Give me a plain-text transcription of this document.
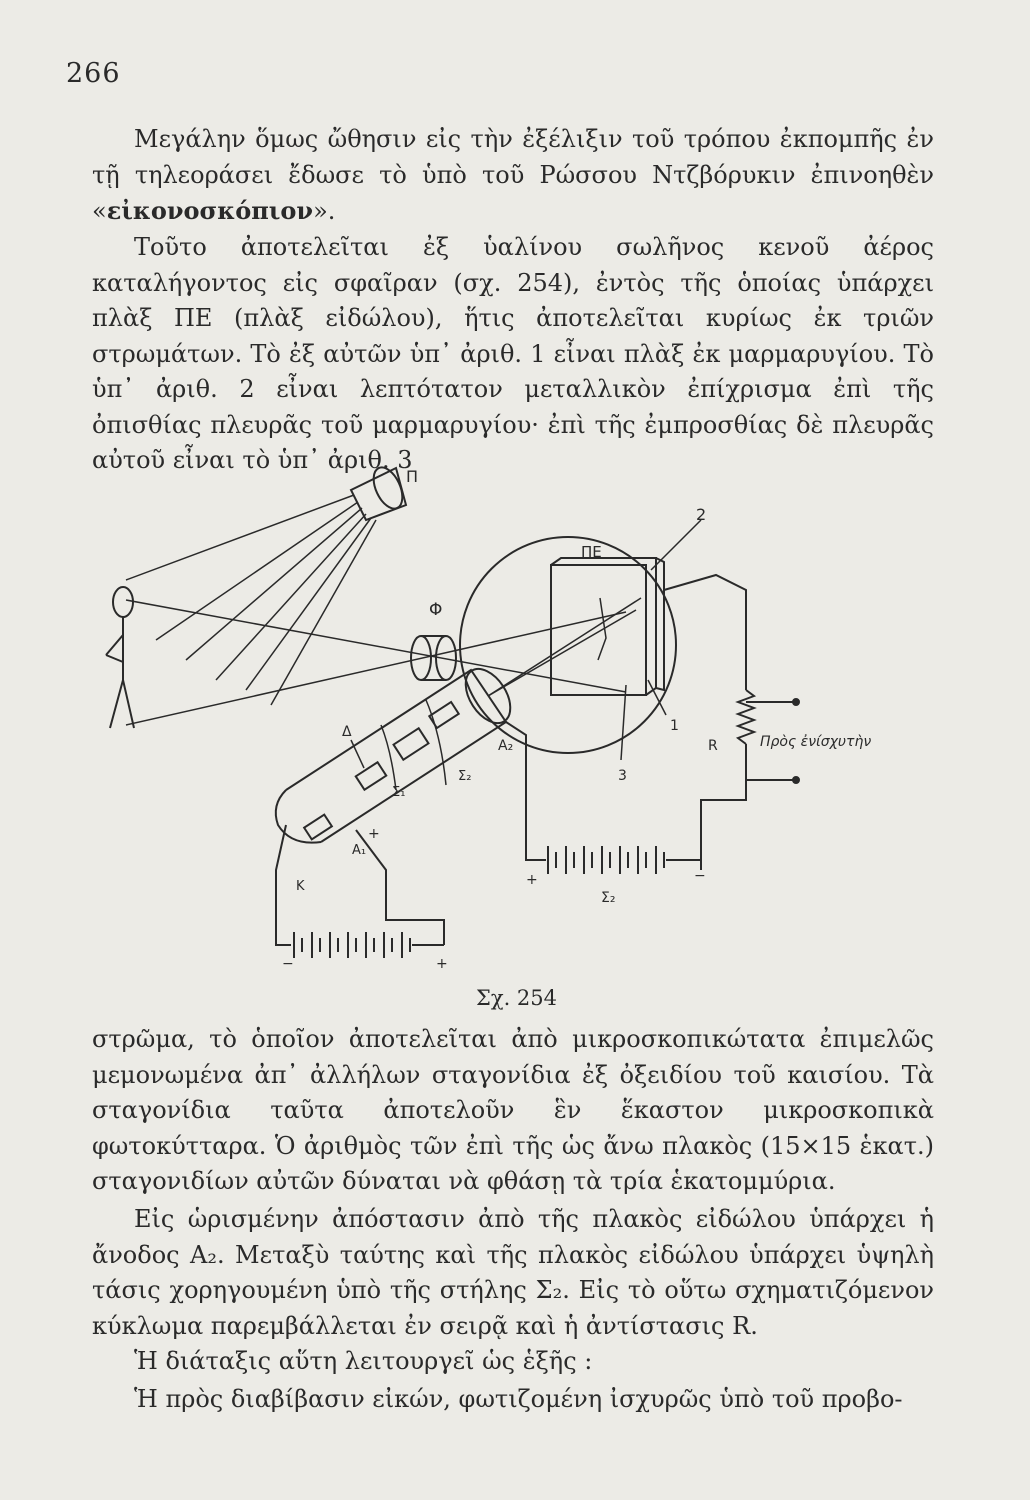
266

Μεγάλην ὅμως ὤθησιν εἰς τὴν ἐξέλιξιν τοῦ τρόπου ἐκπομπῆς ἐν τῇ τηλεοράσει ἔδωσε τὸ ὑπὸ τοῦ Ρώσσου Ντζβόρυκιν ἐπινοηθὲν «εἰκονοσκόπιον».

Τοῦτο ἀποτελεῖται ἐξ ὑαλίνου σωλῆνος κενοῦ ἀέρος καταλήγοντος εἰς σφαῖραν (σχ. 254), ἐντὸς τῆς ὁποίας ὑπάρχει πλὰξ ΠΕ (πλὰξ εἰδώλου), ἥτις ἀποτελεῖται κυρίως ἐκ τριῶν στρωμάτων. Τὸ ἐξ αὐτῶν ὑπ᾽ ἀριθ. 1 εἶναι πλὰξ ἐκ μαρμαρυγίου. Τὸ ὑπ᾽ ἀριθ. 2 εἶναι λεπτότατον μεταλλικὸν ἐπίχρισμα ἐπὶ τῆς ὀπισθίας πλευρᾶς τοῦ μαρμαρυγίου· ἐπὶ τῆς ἐμπροσθίας δὲ πλευρᾶς αὐτοῦ εἶναι τὸ ὑπ᾽ ἀριθ. 3

Π
ΠΕ
2
1
3
Φ
R	Πρὸς ἐνίσχυτὴν
Α₂
Σ₂
Σ₁
Δ
Α₁
Κ
Σ₂
+	−
+
−	+
Σχ. 254

στρῶμα, τὸ ὁποῖον ἀποτελεῖται ἀπὸ μικροσκοπικώτατα ἐπιμελῶς μεμονωμένα ἀπ᾽ ἀλλήλων σταγονίδια ἐξ ὀξειδίου τοῦ καισίου. Τὰ σταγονίδια ταῦτα ἀποτελοῦν ἓν ἕκαστον μικροσκοπικὰ φωτοκύτταρα. Ὁ ἀριθμὸς τῶν ἐπὶ τῆς ὡς ἄνω πλακὸς (15×15 ἑκατ.) σταγονιδίων αὐτῶν δύναται νὰ φθάσῃ τὰ τρία ἑκατομμύρια.

Εἰς ὡρισμένην ἀπόστασιν ἀπὸ τῆς πλακὸς εἰδώλου ὑπάρχει ἡ ἄνοδος Α₂. Μεταξὺ ταύτης καὶ τῆς πλακὸς εἰδώλου ὑπάρχει ὑψηλὴ τάσις χορηγουμένη ὑπὸ τῆς στήλης Σ₂. Εἰς τὸ οὕτω σχηματιζόμενον κύκλωμα παρεμβάλλεται ἐν σειρᾷ καὶ ἡ ἀντίστασις R.

Ἡ διάταξις αὕτη λειτουργεῖ ὡς ἑξῆς :

Ἡ πρὸς διαβίβασιν εἰκών, φωτιζομένη ἰσχυρῶς ὑπὸ τοῦ προβο-
